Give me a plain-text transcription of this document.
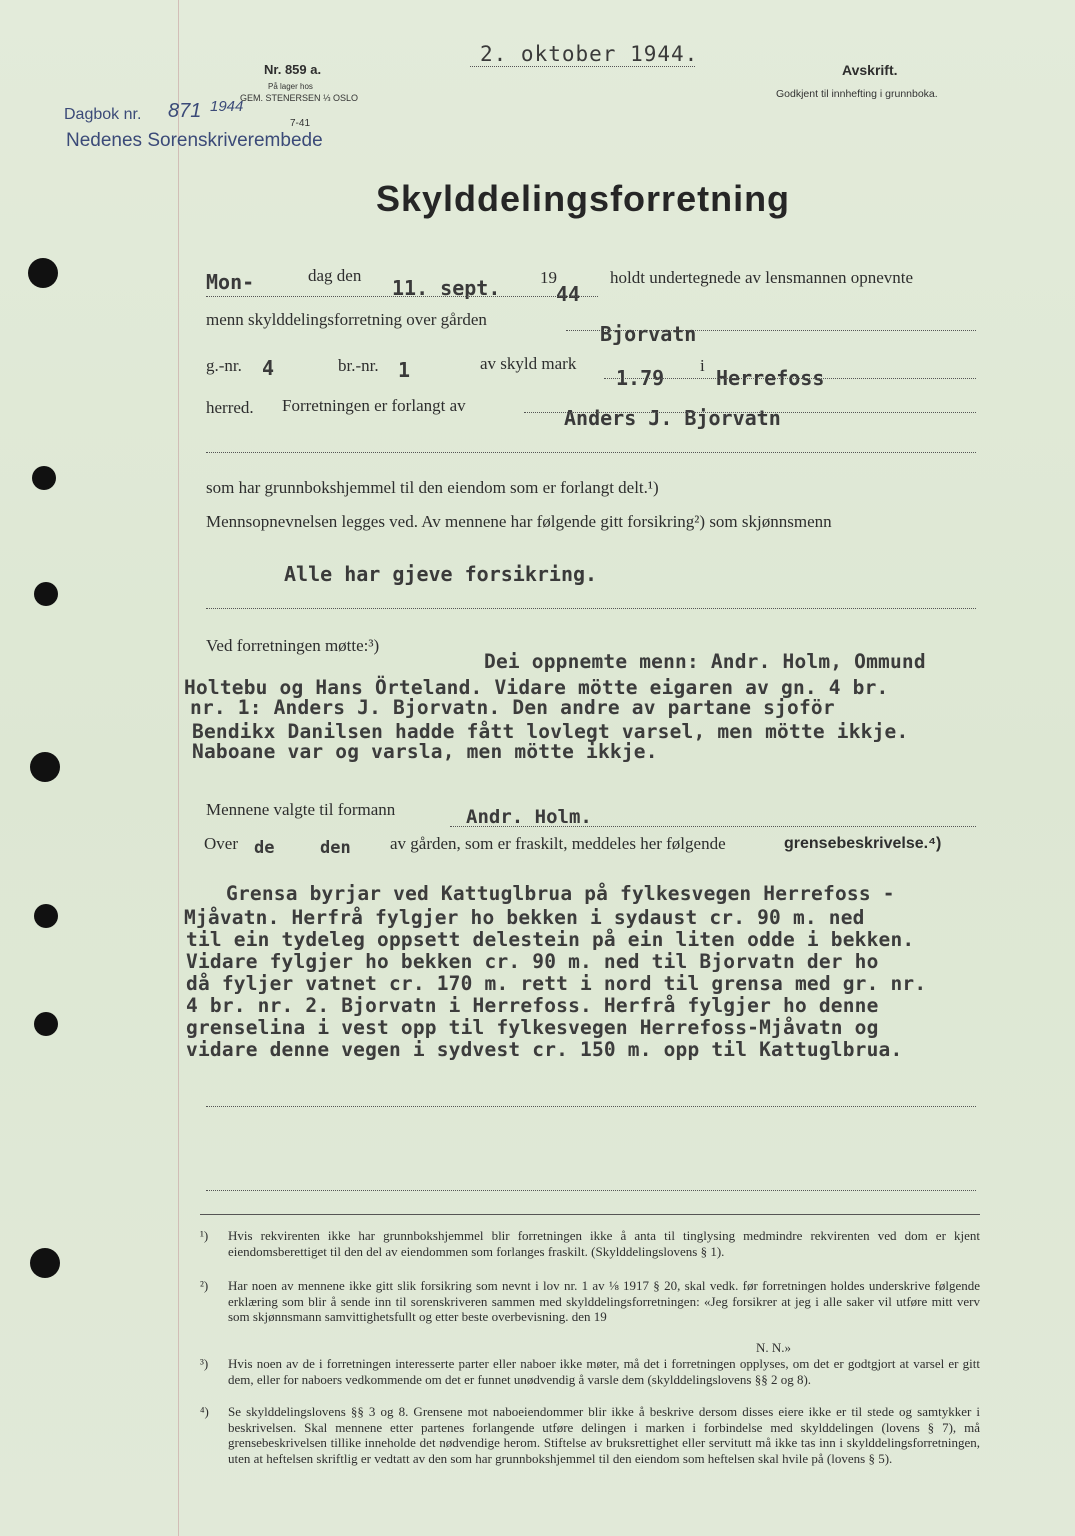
Nr. 859 a.
På lager hos
GEM. STENERSEN ⅓ OSLO
Dagbok nr. 871 1944
7-41
Nedenes Sorenskriverembede
2. oktober 1944.
Avskrift.
Godkjent til innhefting i grunnboka.
Skylddelingsforretning
Mon-	dag den
11. sept. 19
44
holdt undertegnede av lensmannen opnevnte
menn skylddelingsforretning over gården
Bjorvatn
g.-nr. 4	br.-nr. 1	av skyld mark
1.79
i
Herrefoss
herred. Forretningen er forlangt av
Anders J. Bjorvatn
som har grunnbokshjemmel til den eiendom som er forlangt delt.¹)
Mennsopnevnelsen legges ved. Av mennene har følgende gitt forsikring²) som skjønnsmenn
Alle har gjeve forsikring.
Ved forretningen møtte:³)
Dei oppnemte menn: Andr. Holm, Ommund
Holtebu og Hans Örteland. Vidare mötte eigaren av gn. 4 br.
nr. 1: Anders J. Bjorvatn. Den andre av partane sjoför
Bendikx Danilsen hadde fått lovlegt varsel, men mötte ikkje.
Naboane var og varsla, men mötte ikkje.
Mennene valgte til formann	Andr. Holm.
Over de	den av gården, som er fraskilt, meddeles her følgende	grensebeskrivelse.⁴)
Grensa byrjar ved Kattuglbrua på fylkesvegen Herrefoss -
Mjåvatn. Herfrå fylgjer ho bekken i sydaust cr. 90 m. ned
til ein tydeleg oppsett delestein på ein liten odde i bekken.
Vidare fylgjer ho bekken cr. 90 m. ned til Bjorvatn der ho
då fyljer vatnet cr. 170 m. rett i nord til grensa med gr. nr.
4 br. nr. 2. Bjorvatn i Herrefoss. Herfrå fylgjer ho denne
grenselina i vest opp til fylkesvegen Herrefoss-Mjåvatn og
vidare denne vegen i sydvest cr. 150 m. opp til Kattuglbrua.
¹) Hvis rekvirenten ikke har grunnbokshjemmel blir forretningen ikke å anta til tinglysing medmindre rekvirenten ved dom er kjent eiendomsberettiget til den del av eiendommen som forlanges fraskilt. (Skylddelingslovens § 1).
²) Har noen av mennene ikke gitt slik forsikring som nevnt i lov nr. 1 av ⅛ 1917 § 20, skal vedk. før forretningen holdes underskrive følgende erklæring som blir å sende inn til sorenskriveren sammen med skylddelingsforretningen: «Jeg forsikrer at jeg i alle saker vil utføre mitt verv som skjønnsmann samvittighetsfullt og etter beste overbevisning. den 19
N. N.»
³) Hvis noen av de i forretningen interesserte parter eller naboer ikke møter, må det i forretningen opplyses, om det er godtgjort at varsel er gitt dem, eller for naboers vedkommende om det er funnet unødvendig å varsle dem (skylddelingslovens §§ 2 og 8).
⁴) Se skylddelingslovens §§ 3 og 8. Grensene mot naboeiendommer blir ikke å beskrive dersom disses eiere ikke er til stede og samtykker i beskrivelsen. Skal mennene etter partenes forlangende utføre delingen i marken i forbindelse med skylddelingen (lovens § 7), må grensebeskrivelsen tillike inneholde det nødvendige herom. Stiftelse av bruksrettighet eller servitutt må ikke tas inn i skylddelingsforretningen, uten at heftelsen skriftlig er vedtatt av den som har grunnbokshjemmel til den eiendom som heftelsen skal hvile på (lovens § 5).
